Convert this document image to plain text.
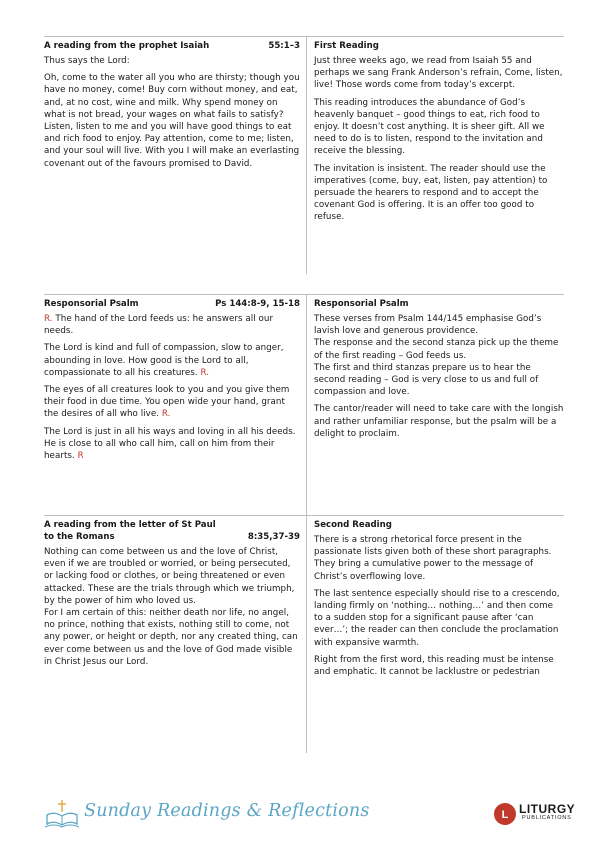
A reading from the prophet Isaiah	55:1–3

Thus says the Lord:

Oh, come to the water all you who are thirsty; though you have no money, come! Buy corn without money, and eat, and, at no cost, wine and milk. Why spend money on what is not bread, your wages on what fails to satisfy? Listen, listen to me and you will have good things to eat and rich food to enjoy. Pay attention, come to me; listen, and your soul will live. With you I will make an everlasting covenant out of the favours promised to David.

First Reading

Just three weeks ago, we read from Isaiah 55 and perhaps we sang Frank Anderson’s refrain, Come, listen, live! Those words come from today’s excerpt.

This reading introduces the abundance of God’s heavenly banquet – good things to eat, rich food to enjoy. It doesn’t cost anything. It is sheer gift. All we need to do is to listen, respond to the invitation and receive the blessing.

The invitation is insistent. The reader should use the imperatives (come, buy, eat, listen, pay attention) to persuade the hearers to respond and to accept the covenant God is offering. It is an offer too good to refuse.

Responsorial Psalm	Ps 144:8-9, 15-18

R. The hand of the Lord feeds us: he answers all our needs.

The Lord is kind and full of compassion, slow to anger, abounding in love. How good is the Lord to all, compassionate to all his creatures. R.

The eyes of all creatures look to you and you give them their food in due time. You open wide your hand, grant the desires of all who live. R.

The Lord is just in all his ways and loving in all his deeds. He is close to all who call him, call on him from their hearts. R

Responsorial Psalm

These verses from Psalm 144/145 emphasise God’s lavish love and generous providence.

The response and the second stanza pick up the theme of the first reading – God feeds us.

The first and third stanzas prepare us to hear the second reading – God is very close to us and full of compassion and love.

The cantor/reader will need to take care with the longish and rather unfamiliar response, but the psalm will be a delight to proclaim.

A reading from the letter of St Paul
to the Romans	8:35,37-39

Nothing can come between us and the love of Christ, even if we are troubled or worried, or being persecuted, or lacking food or clothes, or being threatened or even attacked. These are the trials through which we triumph, by the power of him who loved us.

For I am certain of this: neither death nor life, no angel, no prince, nothing that exists, nothing still to come, not any power, or height or depth, nor any created thing, can ever come between us and the love of God made visible in Christ Jesus our Lord.

Second Reading

There is a strong rhetorical force present in the passionate lists given both of these short paragraphs. They bring a cumulative power to the message of Christ’s overflowing love.

The last sentence especially should rise to a crescendo, landing firmly on ‘nothing… nothing…’ and then come to a sudden stop for a significant pause after ‘can ever…’; the reader can then conclude the proclamation with expansive warmth.

Right from the first word, this reading must be intense and emphatic. It cannot be lacklustre or pedestrian

Sunday Readings & Reflections	L LITURGY
PUBLICATIONS
